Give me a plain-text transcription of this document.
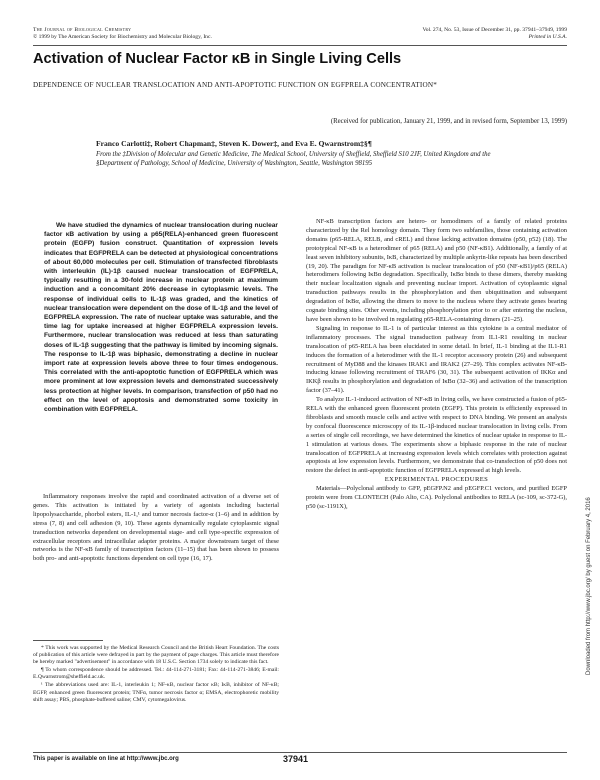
The Journal of Biological Chemistry
© 1999 by The American Society for Biochemistry and Molecular Biology, Inc.
Vol. 274, No. 53, Issue of December 31, pp. 37941–37949, 1999
Printed in U.S.A.
Activation of Nuclear Factor κB in Single Living Cells
DEPENDENCE OF NUCLEAR TRANSLOCATION AND ANTI-APOPTOTIC FUNCTION ON EGFPRELA CONCENTRATION*
(Received for publication, January 21, 1999, and in revised form, September 13, 1999)
Franco Carlotti‡, Robert Chapman‡, Steven K. Dower‡, and Eva E. Qwarnstrom‡§¶
From the ‡Division of Molecular and Genetic Medicine, The Medical School, University of Sheffield, Sheffield S10 2JF, United Kingdom and the §Department of Pathology, School of Medicine, University of Washington, Seattle, Washington 98195
We have studied the dynamics of nuclear translocation during nuclear factor κB activation by using a p65(RELA)-enhanced green fluorescent protein (EGFP) fusion construct. Quantitation of expression levels indicates that EGFPRELA can be detected at physiological concentrations of about 60,000 molecules per cell. Stimulation of transfected fibroblasts with interleukin (IL)-1β caused nuclear translocation of EGFPRELA, typically resulting in a 30-fold increase in nuclear protein at maximum induction and a concomitant 20% decrease in cytoplasmic levels. The response of individual cells to IL-1β was graded, and the kinetics of nuclear translocation were dependent on the dose of IL-1β and the level of EGFPRELA expression. The rate of nuclear uptake was saturable, and the time lag for uptake increased at higher EGFPRELA expression levels. Furthermore, nuclear translocation was reduced at less than saturating doses of IL-1β suggesting that the pathway is limited by incoming signals. The response to IL-1β was biphasic, demonstrating a decline in nuclear import rate at expression levels above three to four times endogenous. This correlated with the anti-apoptotic function of EGFPRELA which was more prominent at low expression levels and demonstrated successively less protection at higher levels. In comparison, transfection of p50 had no effect on the level of apoptosis and demonstrated some toxicity in combination with EGFPRELA.

Inflammatory responses involve the rapid and coordinated activation of a diverse set of genes. This activation is initiated by a variety of agonists including bacterial lipopolysaccharide, phorbol esters, IL-1,¹ and tumor necrosis factor-α (1–6) and in addition by stress (7, 8) and cell adhesion (9, 10). These agents dynamically regulate cytoplasmic signal transduction networks dependent on developmental stage- and cell type-specific expression of extracellular receptors and intracellular adapter proteins. A major downstream target of these networks is the NF-κB family of transcription factors (11–15) that has been shown to possess both pro- and anti-apoptotic functions dependent on cell type (16, 17).

* This work was supported by the Medical Research Council and the British Heart Foundation. The costs of publication of this article were defrayed in part by the payment of page charges. This article must therefore be hereby marked "advertisement" in accordance with 18 U.S.C. Section 1734 solely to indicate this fact.

¶ To whom correspondence should be addressed. Tel.: 44-114-271-3181; Fax: 44-114-271-3846; E-mail: E.Qwarnstrom@sheffield.ac.uk.

¹ The abbreviations used are: IL-1, interleukin 1; NF-κB, nuclear factor κB; IκB, inhibitor of NF-κB; EGFP, enhanced green fluorescent protein; TNFα, tumor necrosis factor α; EMSA, electrophoretic mobility shift assay; PBS, phosphate-buffered saline; CMV, cytomegalovirus.

NF-κB transcription factors are hetero- or homodimers of a family of related proteins characterized by the Rel homology domain. They form two subfamilies, those containing activation domains (p65-RELA, RELB, and cREL) and those lacking activation domains (p50, p52) (18). The prototypical NF-κB is a heterodimer of p65 (RELA) and p50 (NF-κB1). Additionally, a family of at least seven inhibitory subunits, IκB, characterized by multiple ankyrin-like repeats has been described (19, 20). The paradigm for NF-κB activation is nuclear translocation of p50 (NF-κB1)/p65 (RELA) heterodimers following IκBα degradation. Specifically, IκBα binds to these dimers, thereby masking their nuclear localization signals and preventing nuclear import. Activation of cytoplasmic signal transduction pathways results in the phosphorylation and then ubiquitination and subsequent degradation of IκBα, allowing the dimers to move to the nucleus where they activate genes bearing cognate binding sites. Other events, including phosphorylation prior to or after entering the nucleus, have been shown to be involved in regulating p65-RELA-containing dimers (21–25).

Signaling in response to IL-1 is of particular interest as this cytokine is a central mediator of inflammatory processes. The signal transduction pathway from IL1-R1 resulting in nuclear translocation of p65-RELA has been elucidated in some detail. In brief, IL-1 binding at the IL1-R1 induces the formation of a heterodimer with the IL-1 receptor accessory protein (26) and subsequent recruitment of MyD88 and the kinases IRAK1 and IRAK2 (27–29). This complex activates NF-κB-inducing kinase following recruitment of TRAF6 (30, 31). The subsequent activation of IKKα and IKKβ results in phosphorylation and degradation of IκBα (32–36) and activation of the transcription factor (37–41).

To analyze IL-1-induced activation of NF-κB in living cells, we have constructed a fusion of p65-RELA with the enhanced green fluorescent protein (EGFP). This protein is efficiently expressed in fibroblasts and smooth muscle cells and active with respect to DNA binding. We present an analysis by confocal fluorescence microscopy of its IL-1β-induced nuclear translocation in living cells. From a series of single cell recordings, we have determined the kinetics of nuclear uptake in response to IL-1 stimulation at various doses. The experiments show a biphasic response in the rate of nuclear translocation of EGFPRELA at increasing expression levels which correlates with protection against apoptosis at low expression levels. Furthermore, we demonstrate that co-transfection of p50 does not restore the defect in anti-apoptotic function of EGFPRELA expressed at high levels.

EXPERIMENTAL PROCEDURES

Materials—Polyclonal antibody to GFP, pEGFP.N2 and pEGFP.C1 vectors, and purified EGFP protein were from CLONTECH (Palo Alto, CA). Polyclonal antibodies to RELA (sc-109, sc-372-G), p50 (sc-1191X),	Downloaded from http://www.jbc.org/ by guest on February 4, 2016
This paper is available on line at http://www.jbc.org	37941
